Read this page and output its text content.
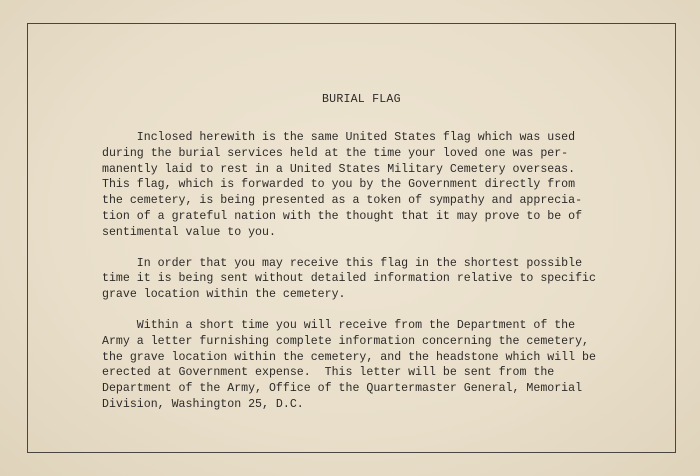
BURIAL FLAG
Inclosed herewith is the same United States flag which was used
during the burial services held at the time your loved one was per-
manently laid to rest in a United States Military Cemetery overseas.
This flag, which is forwarded to you by the Government directly from
the cemetery, is being presented as a token of sympathy and apprecia-
tion of a grateful nation with the thought that it may prove to be of
sentimental value to you.
In order that you may receive this flag in the shortest possible
time it is being sent without detailed information relative to specific
grave location within the cemetery.
Within a short time you will receive from the Department of the
Army a letter furnishing complete information concerning the cemetery,
the grave location within the cemetery, and the headstone which will be
erected at Government expense.  This letter will be sent from the
Department of the Army, Office of the Quartermaster General, Memorial
Division, Washington 25, D.C.
